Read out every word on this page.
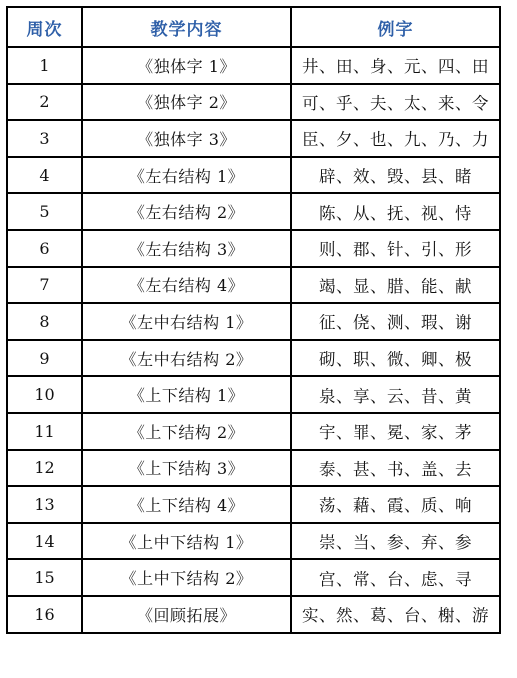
周次	教学内容	例字
1	《独体字 1》	井、田、身、元、四、田
2	《独体字 2》	可、乎、夫、太、来、令
3	《独体字 3》	臣、夕、也、九、乃、力
4	《左右结构 1》	辟、效、毁、县、睹
5	《左右结构 2》	陈、从、抚、视、恃
6	《左右结构 3》	则、郡、针、引、形
7	《左右结构 4》	竭、显、腊、能、献
8	《左中右结构 1》	征、侥、测、瑕、谢
9	《左中右结构 2》	砌、职、微、卿、极
10	《上下结构 1》	泉、享、云、昔、黄
11	《上下结构 2》	宇、罪、冕、家、茅
12	《上下结构 3》	泰、甚、书、盖、去
13	《上下结构 4》	荡、藉、霞、质、响
14	《上中下结构 1》	崇、当、参、弃、参
15	《上中下结构 2》	宫、常、台、虑、寻
16	《回顾拓展》	实、然、葛、台、榭、游
